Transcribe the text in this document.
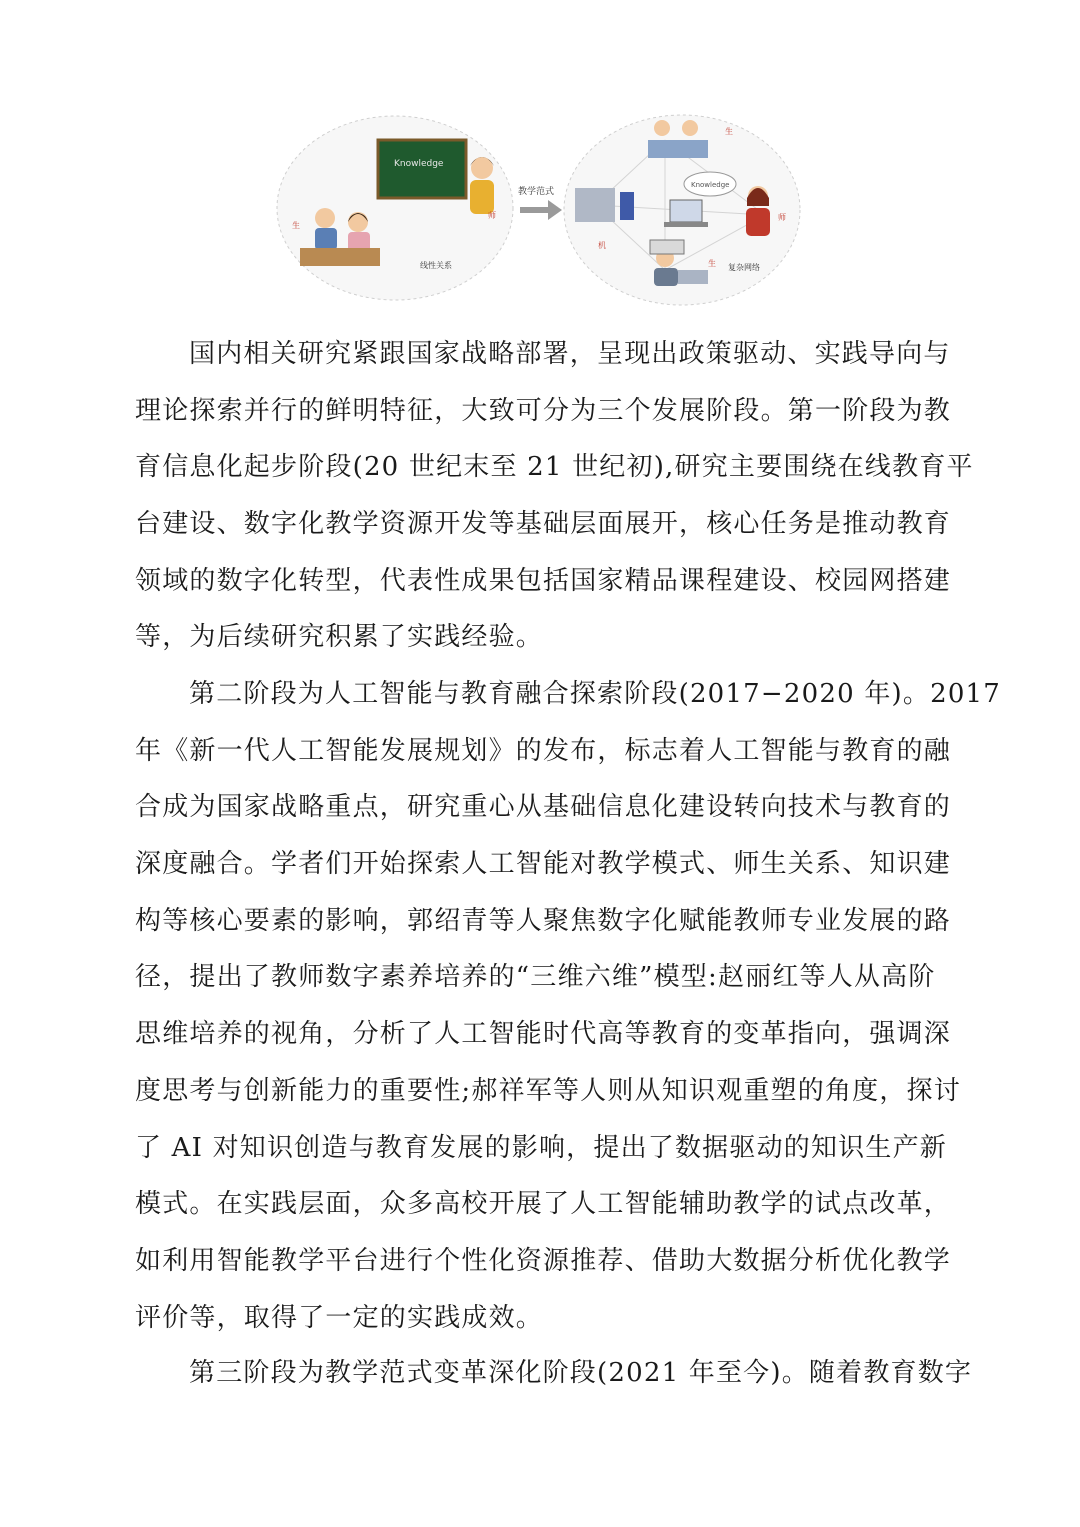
Knowledge
师
生
线性关系
教学范式
生
Knowledge
机
师
生 复杂网络
国内相关研究紧跟国家战略部署，呈现出政策驱动、实践导向与
理论探索并行的鲜明特征，大致可分为三个发展阶段。第一阶段为教
育信息化起步阶段(20 世纪末至 21 世纪初),研究主要围绕在线教育平
台建设、数字化教学资源开发等基础层面展开，核心任务是推动教育
领域的数字化转型，代表性成果包括国家精品课程建设、校园网搭建
等，为后续研究积累了实践经验。
第二阶段为人工智能与教育融合探索阶段(2017−2020 年)。2017
年《新一代人工智能发展规划》的发布，标志着人工智能与教育的融
合成为国家战略重点，研究重心从基础信息化建设转向技术与教育的
深度融合。学者们开始探索人工智能对教学模式、师生关系、知识建
构等核心要素的影响，郭绍青等人聚焦数字化赋能教师专业发展的路
径，提出了教师数字素养培养的“三维六维”模型:赵丽红等人从高阶
思维培养的视角，分析了人工智能时代高等教育的变革指向，强调深
度思考与创新能力的重要性;郝祥军等人则从知识观重塑的角度，探讨
了 AI 对知识创造与教育发展的影响，提出了数据驱动的知识生产新
模式。在实践层面，众多高校开展了人工智能辅助教学的试点改革，
如利用智能教学平台进行个性化资源推荐、借助大数据分析优化教学
评价等，取得了一定的实践成效。
第三阶段为教学范式变革深化阶段(2021 年至今)。随着教育数字
